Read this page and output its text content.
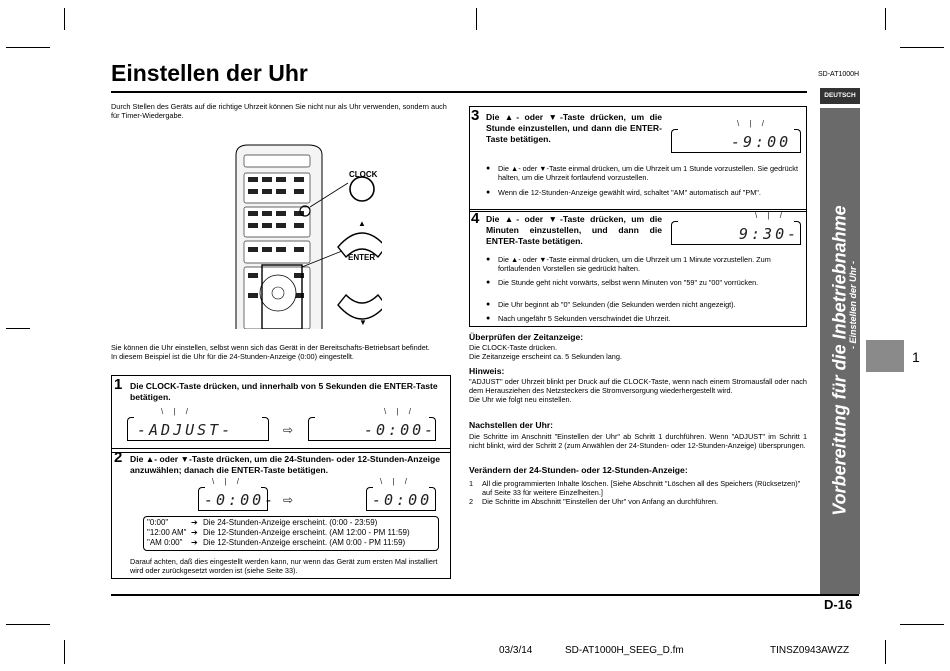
Einstellen der Uhr	SD-AT1000H
DEUTSCH
Vorbereitung für die Inbetriebnahme
- Einstellen der Uhr -
1
Durch Stellen des Geräts auf die richtige Uhrzeit können Sie nicht nur als Uhr verwenden, sondern auch für Timer-Wiedergabe.
CLOCK
▲
ENTER
▼
Sie können die Uhr einstellen, selbst wenn sich das Gerät in der Bereitschafts-Betriebsart befindet.
In diesem Beispiel ist die Uhr für die 24-Stunden-Anzeige (0:00) eingestellt.
1 Die CLOCK-Taste drücken, und innerhalb von 5 Sekunden die ENTER-Taste betätigen.
-ADJUST-
\ | /
⇨	-0:00-
\ | /
2 Die ▲- oder ▼-Taste drücken, um die 24-Stunden- oder 12-Stunden-Anzeige anzuwählen; danach die ENTER-Taste betätigen.
-0:00-
\ | /
⇨	-0:00
\ | /
"0:00"	➔ Die 24-Stunden-Anzeige erscheint. (0:00 - 23:59)
"12:00 AM" ➔ Die 12-Stunden-Anzeige erscheint. (AM 12:00 - PM 11:59)
"AM 0:00" ➔ Die 12-Stunden-Anzeige erscheint. (AM 0:00 - PM 11:59)
Darauf achten, daß dies eingestellt werden kann, nur wenn das Gerät zum ersten Mal installiert wird oder zurückgesetzt worden ist (siehe Seite 33).
3 Die ▲- oder ▼-Taste drücken, um die Stunde einzustellen, und dann die ENTER-Taste betätigen.	-9:00
\ | /
● Die ▲- oder ▼-Taste einmal drücken, um die Uhrzeit um 1 Stunde vorzustellen. Sie gedrückt halten, um die Uhrzeit fortlaufend vorzustellen.
● Wenn die 12-Stunden-Anzeige gewählt wird, schaltet "AM" automatisch auf "PM".
4 Die ▲- oder ▼-Taste drücken, um die Minuten einzustellen, und dann die ENTER-Taste betätigen.	9:30-
\ | /
● Die ▲- oder ▼-Taste einmal drücken, um die Uhrzeit um 1 Minute vorzustellen. Zum fortlaufenden Vorstellen sie gedrückt halten.
● Die Stunde geht nicht vorwärts, selbst wenn Minuten von "59" zu "00" vorrücken.
● Die Uhr beginnt ab "0" Sekunden (die Sekunden werden nicht angezeigt).
● Nach ungefähr 5 Sekunden verschwindet die Uhrzeit.
Überprüfen der Zeitanzeige:
Die CLOCK-Taste drücken.
Die Zeitanzeige erscheint ca. 5 Sekunden lang.
Hinweis:
"ADJUST" oder Uhrzeit blinkt per Druck auf die CLOCK-Taste, wenn nach einem Stromausfall oder nach dem Herausziehen des Netzsteckers die Stromversorgung wiederhergestellt wird.
Die Uhr wie folgt neu einstellen.
Nachstellen der Uhr:
Die Schritte im Anschnitt "Einstellen der Uhr" ab Schritt 1 durchführen. Wenn "ADJUST" im Schritt 1 nicht blinkt, wird der Schritt 2 (zum Anwählen der 24-Stunden- oder 12-Stunden-Anzeige) übersprungen.
Verändern der 24-Stunden- oder 12-Stunden-Anzeige:
1 All die programmierten Inhalte löschen. [Siehe Abschnitt "Löschen all des Speichers (Rücksetzen)" auf Seite 33 für weitere Einzelheiten.]
2 Die Schritte im Abschnitt "Einstellen der Uhr" von Anfang an durchführen.
D-16
03/3/14	SD-AT1000H_SEEG_D.fm	TINSZ0943AWZZ
